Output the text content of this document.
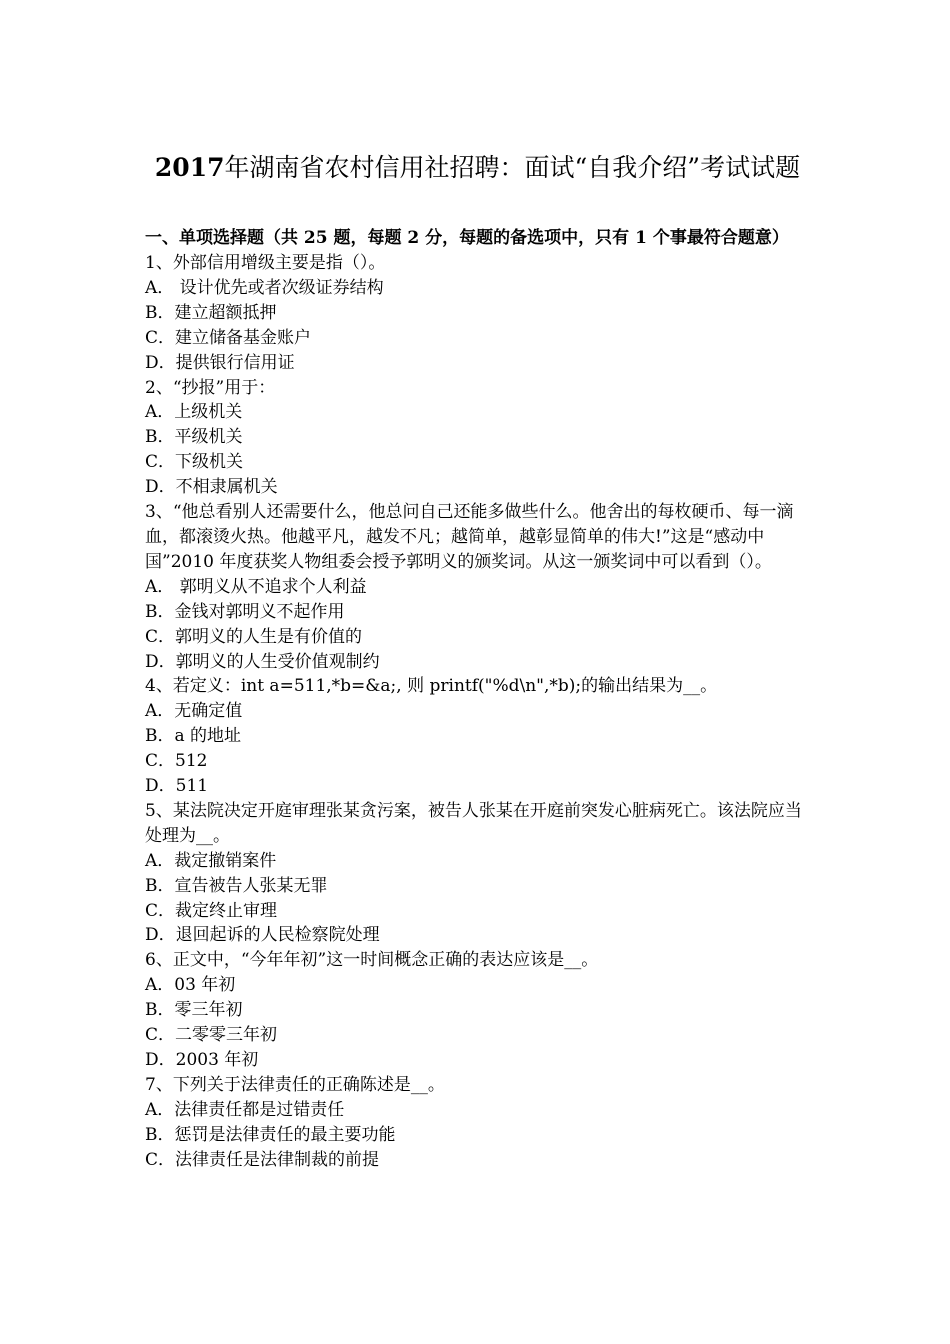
2017年湖南省农村信用社招聘：面试“自我介绍”考试试题

一、单项选择题（共 25 题，每题 2 分，每题的备选项中，只有 1 个事最符合题意）

1、外部信用增级主要是指（）。

A． 设计优先或者次级证券结构

B．建立超额抵押

C．建立储备基金账户

D．提供银行信用证

2、“抄报”用于：

A．上级机关

B．平级机关

C．下级机关

D．不相隶属机关

3、“他总看别人还需要什么，他总问自己还能多做些什么。他舍出的每枚硬币、每一滴血，都滚烫火热。他越平凡，越发不凡；越简单，越彰显简单的伟大!”这是“感动中国”2010 年度获奖人物组委会授予郭明义的颁奖词。从这一颁奖词中可以看到（）。

A． 郭明义从不追求个人利益

B．金钱对郭明义不起作用

C．郭明义的人生是有价值的

D．郭明义的人生受价值观制约

4、若定义：int a=511,*b=&a;, 则 printf("%d\n",*b);的输出结果为__。

A．无确定值

B．a 的地址

C．512

D．511

5、某法院决定开庭审理张某贪污案，被告人张某在开庭前突发心脏病死亡。该法院应当处理为__。

A．裁定撤销案件

B．宣告被告人张某无罪

C．裁定终止审理

D．退回起诉的人民检察院处理

6、正文中，“今年年初”这一时间概念正确的表达应该是__。

A．03 年初

B．零三年初

C．二零零三年初

D．2003 年初

7、下列关于法律责任的正确陈述是__。

A．法律责任都是过错责任

B．惩罚是法律责任的最主要功能

C．法律责任是法律制裁的前提
